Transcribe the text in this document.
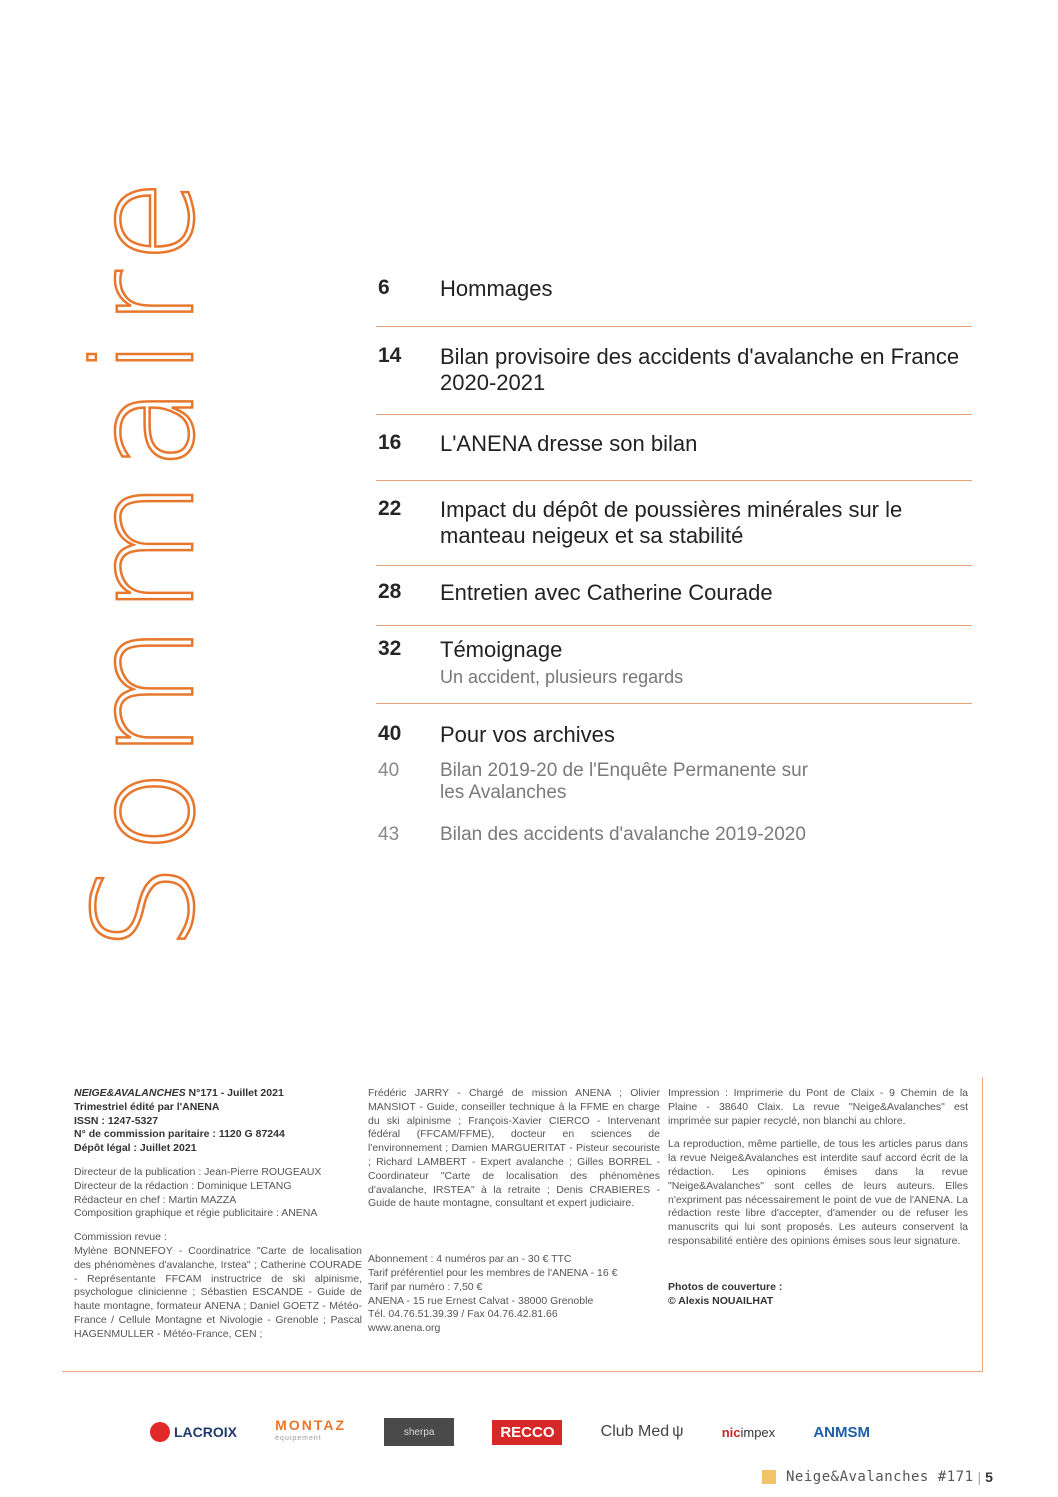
Sommaire	6 Hommages
14 Bilan provisoire des accidents d'avalanche en France 2020-2021
16 L'ANENA dresse son bilan
22 Impact du dépôt de poussières minérales sur le manteau neigeux et sa stabilité
28 Entretien avec Catherine Courade
32 Témoignage
Un accident, plusieurs regards
40 Pour vos archives
40 Bilan 2019-20 de l'Enquête Permanente sur les Avalanches
43 Bilan des accidents d'avalanche 2019-2020

NEIGE&AVALANCHES N°171 - Juillet 2021

Trimestriel édité par l'ANENA

ISSN : 1247-5327

N° de commission paritaire : 1120 G 87244

Dépôt légal : Juillet 2021

Directeur de la publication : Jean-Pierre ROUGEAUX

Directeur de la rédaction : Dominique LETANG

Rédacteur en chef : Martin MAZZA

Composition graphique et régie publicitaire : ANENA

Commission revue :

Mylène BONNEFOY - Coordinatrice "Carte de localisation des phénomènes d'avalanche, Irstea" ; Catherine COURADE - Représentante FFCAM instructrice de ski alpinisme, psychologue clinicienne ; Sébastien ESCANDE - Guide de haute montagne, formateur ANENA ; Daniel GOETZ - Météo-France / Cellule Montagne et Nivologie - Grenoble ; Pascal HAGENMULLER - Météo-France, CEN ;

Frédéric JARRY - Chargé de mission ANENA ; Olivier MANSIOT - Guide, conseiller technique à la FFME en charge du ski alpinisme ; François-Xavier CIERCO - Intervenant fédéral (FFCAM/FFME), docteur en sciences de l'environnement ; Damien MARGUERITAT - Pisteur secouriste ; Richard LAMBERT - Expert avalanche ; Gilles BORREL - Coordinateur "Carte de localisation des phénomènes d'avalanche, IRSTEA" à la retraite ; Denis CRABIERES - Guide de haute montagne, consultant et expert judiciaire.

Abonnement : 4 numéros par an - 30 € TTC

Tarif préférentiel pour les membres de l'ANENA - 16 €

Tarif par numéro : 7,50 €

ANENA - 15 rue Ernest Calvat - 38000 Grenoble

Tél. 04.76.51.39.39 / Fax 04.76.42.81.66

www.anena.org

Impression : Imprimerie du Pont de Claix - 9 Chemin de la Plaine - 38640 Claix. La revue "Neige&Avalanches" est imprimée sur papier recyclé, non blanchi au chlore.

La reproduction, même partielle, de tous les articles parus dans la revue Neige&Avalanches est interdite sauf accord écrit de la rédaction. Les opinions émises dans la revue "Neige&Avalanches" sont celles de leurs auteurs. Elles n'expriment pas nécessairement le point de vue de l'ANENA. La rédaction reste libre d'accepter, d'amender ou de refuser les manuscrits qui lui sont proposés. Les auteurs conservent la responsabilité entière des opinions émises sous leur signature.

Photos de couverture :

© Alexis NOUAILHAT

LACROIX	MONTAZ
équipement
sherpa	RECCO	Club Med ψ	nic impex	ANMSM
Neige&Avalanches #171 | 5
